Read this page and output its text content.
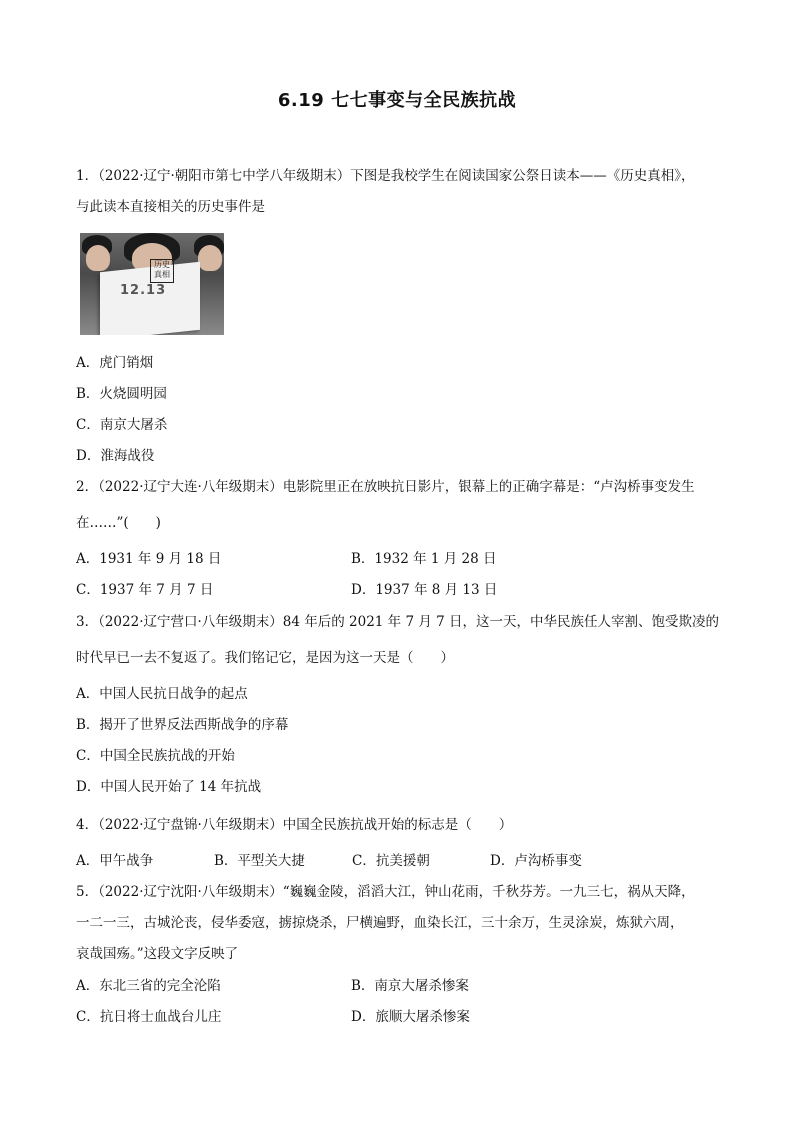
6.19 七七事变与全民族抗战
1．（2022·辽宁·朝阳市第七中学八年级期末）下图是我校学生在阅读国家公祭日读本——《历史真相》，
与此读本直接相关的历史事件是
历史真相
12.13
A．虎门销烟
B．火烧圆明园
C．南京大屠杀
D．淮海战役
2．（2022·辽宁大连·八年级期末）电影院里正在放映抗日影片，银幕上的正确字幕是：“卢沟桥事变发生
在……”(　　)
A．1931 年 9 月 18 日	B．1932 年 1 月 28 日
C．1937 年 7 月 7 日	D．1937 年 8 月 13 日
3．（2022·辽宁营口·八年级期末）84 年后的 2021 年 7 月 7 日，这一天，中华民族任人宰割、饱受欺凌的
时代早已一去不复返了。我们铭记它，是因为这一天是（　　）
A．中国人民抗日战争的起点
B．揭开了世界反法西斯战争的序幕
C．中国全民族抗战的开始
D．中国人民开始了 14 年抗战
4．（2022·辽宁盘锦·八年级期末）中国全民族抗战开始的标志是（　　）
A．甲午战争	B．平型关大捷	C．抗美援朝	D．卢沟桥事变
5．（2022·辽宁沈阳·八年级期末）“巍巍金陵，滔滔大江，钟山花雨，千秋芬芳。一九三七，祸从天降，
一二一三，古城沦丧，侵华委寇，掳掠烧杀，尸横遍野，血染长江，三十余万，生灵涂炭，炼狱六周，
哀哉国殇。”这段文字反映了
A．东北三省的完全沦陷	B．南京大屠杀惨案
C．抗日将士血战台儿庄	D．旅顺大屠杀惨案
